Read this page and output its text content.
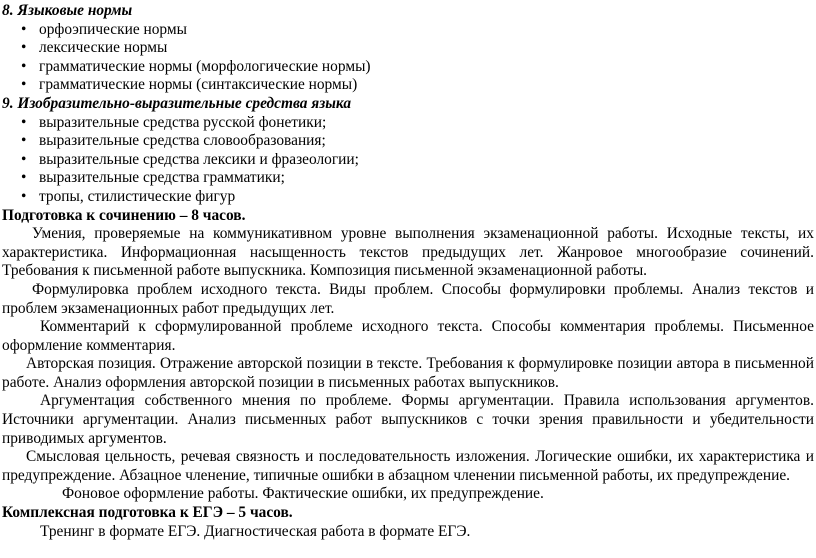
8. Языковые нормы
• орфоэпические нормы
• лексические нормы
• грамматические нормы (морфологические нормы)
• грамматические нормы (синтаксические нормы)
9. Изобразительно-выразительные средства языка
• выразительные средства русской фонетики;
• выразительные средства словообразования;
• выразительные средства лексики и фразеологии;
• выразительные средства грамматики;
• тропы, стилистические фигур
Подготовка к сочинению – 8 часов.

Умения, проверяемые на коммуникативном уровне выполнения экзаменационной работы. Исходные тексты, их характеристика. Информационная насыщенность текстов предыдущих лет. Жанровое многообразие сочинений. Требования к письменной работе выпускника. Композиция письменной экзаменационной работы.

Формулировка проблем исходного текста. Виды проблем. Способы формулировки проблемы. Анализ текстов и проблем экзаменационных работ предыдущих лет.

Комментарий к сформулированной проблеме исходного текста. Способы комментария проблемы. Письменное оформление комментария.

Авторская позиция. Отражение авторской позиции в тексте. Требования к формулировке позиции автора в письменной работе. Анализ оформления авторской позиции в письменных работах выпускников.

Аргументация собственного мнения по проблеме. Формы аргументации. Правила использования аргументов. Источники аргументации. Анализ письменных работ выпускников с точки зрения правильности и убедительности приводимых аргументов.

Смысловая цельность, речевая связность и последовательность изложения. Логические ошибки, их характеристика и предупреждение. Абзацное членение, типичные ошибки в абзацном членении письменной работы, их предупреждение.

Фоновое оформление работы. Фактические ошибки, их предупреждение.

Комплексная подготовка к ЕГЭ – 5 часов.

Тренинг в формате ЕГЭ. Диагностическая работа в формате ЕГЭ.
